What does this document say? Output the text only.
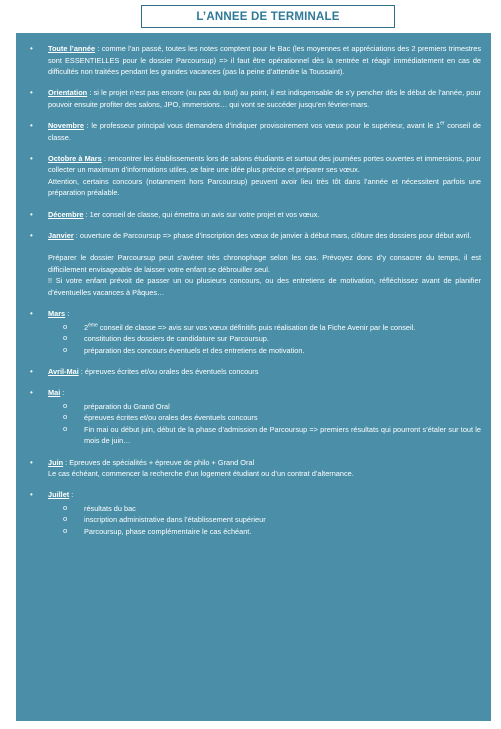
L’ANNEE DE TERMINALE
• Toute l’année : comme l’an passé, toutes les notes comptent pour le Bac (les moyennes et appréciations des 2 premiers trimestres sont ESSENTIELLES pour le dossier Parcoursup) => il faut être opérationnel dès la rentrée et réagir immédiatement en cas de difficultés non traitées pendant les grandes vacances (pas la peine d’attendre la Toussaint).
• Orientation : si le projet n’est pas encore (ou pas du tout) au point, il est indispensable de s’y pencher dès le début de l’année, pour pouvoir ensuite profiter des salons, JPO, immersions… qui vont se succéder jusqu’en février-mars.
• Novembre : le professeur principal vous demandera d’indiquer provisoirement vos vœux pour le supérieur, avant le 1er conseil de classe.

• Octobre à Mars : rencontrer les établissements lors de salons étudiants et surtout des journées portes ouvertes et immersions, pour collecter un maximum d’informations utiles, se faire une idée plus précise et préparer ses vœux.

Attention, certains concours (notamment hors Parcoursup) peuvent avoir lieu très tôt dans l’année et nécessitent parfois une préparation préalable.

• Décembre : 1er conseil de classe, qui émettra un avis sur votre projet et vos vœux.

• Janvier : ouverture de Parcoursup => phase d’inscription des vœux de janvier à début mars, clôture des dossiers pour début avril.

Préparer le dossier Parcoursup peut s’avérer très chronophage selon les cas. Prévoyez donc d’y consacrer du temps, il est difficilement envisageable de laisser votre enfant se débrouiller seul.

!! Si votre enfant prévoit de passer un ou plusieurs concours, ou des entretiens de motivation, réfléchissez avant de planifier d’éventuelles vacances à Pâques…

• Mars :

o 2ème conseil de classe => avis sur vos vœux définitifs puis réalisation de la Fiche Avenir par le conseil.
o constitution des dossiers de candidature sur Parcoursup.
o préparation des concours éventuels et des entretiens de motivation.
• Avril-Mai : épreuves écrites et/ou orales des éventuels concours

• Mai :

o préparation du Grand Oral
o épreuves écrites et/ou orales des éventuels concours
o Fin mai ou début juin, début de la phase d’admission de Parcoursup => premiers résultats qui pourront s’étaler sur tout le mois de juin…

• Juin : Epreuves de spécialités + épreuve de philo + Grand Oral

Le cas échéant, commencer la recherche d’un logement étudiant ou d’un contrat d’alternance.

• Juillet :

o résultats du bac
o inscription administrative dans l’établissement supérieur
o Parcoursup, phase complémentaire le cas échéant.
